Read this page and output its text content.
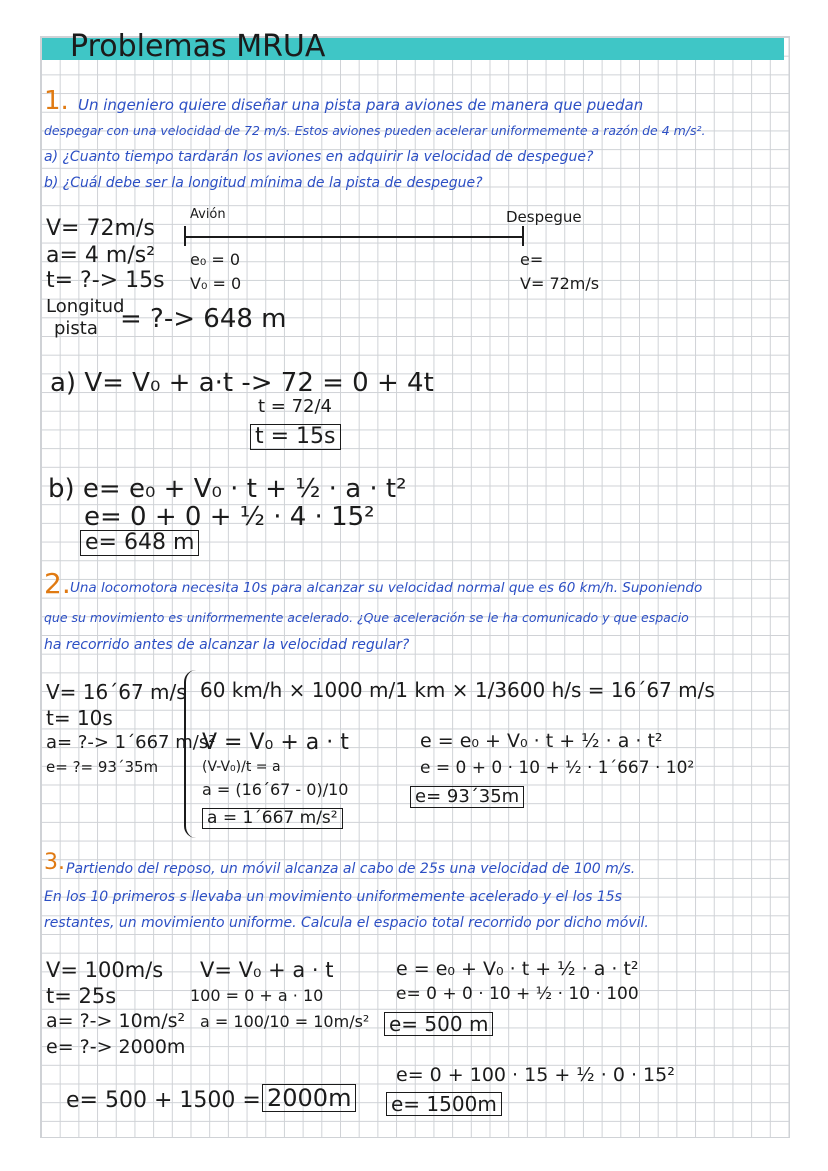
Problemas MRUA
1. Un ingeniero quiere diseñar una pista para aviones de manera que puedan
despegar con una velocidad de 72 m/s. Estos aviones pueden acelerar uniformemente a razón de 4 m/s².
a) ¿Cuanto tiempo tardarán los aviones en adquirir la velocidad de despegue?
b) ¿Cuál debe ser la longitud mínima de la pista de despegue?
V= 72m/s
a= 4 m/s²
t= ?-> 15s
Longitud
pista = ?-> 648 m
Avión	Despegue
e₀ = 0
V₀ = 0
e=
V= 72m/s
a) V= V₀ + a·t -> 72 = 0 + 4t
t = 72/4
t = 15s
b) e= e₀ + V₀ · t + ½ · a · t²
e= 0 + 0 + ½ · 4 · 15²
e= 648 m
2. Una locomotora necesita 10s para alcanzar su velocidad normal que es 60 km/h. Suponiendo
que su movimiento es uniformemente acelerado. ¿Que aceleración se le ha comunicado y que espacio
ha recorrido antes de alcanzar la velocidad regular?
V= 16´67 m/s
t= 10s
a= ?-> 1´667 m/s²
e= ?= 93´35m
60 km/h × 1000 m/1 km × 1/3600 h/s = 16´67 m/s
V = V₀ + a · t
(V-V₀)/t = a
a = (16´67 - 0)/10
a = 1´667 m/s²
e = e₀ + V₀ · t + ½ · a · t²
e = 0 + 0 · 10 + ½ · 1´667 · 10²
e= 93´35m
3. Partiendo del reposo, un móvil alcanza al cabo de 25s una velocidad de 100 m/s.
En los 10 primeros s llevaba un movimiento uniformemente acelerado y el los 15s
restantes, un movimiento uniforme. Calcula el espacio total recorrido por dicho móvil.
V= 100m/s
t= 25s
a= ?-> 10m/s²
e= ?-> 2000m
V= V₀ + a · t
100 = 0 + a · 10
a = 100/10 = 10m/s²
e = e₀ + V₀ · t + ½ · a · t²
e= 0 + 0 · 10 + ½ · 10 · 100
e= 500 m
e= 0 + 100 · 15 + ½ · 0 · 15²
e= 1500m
e= 500 + 1500 = 2000m
